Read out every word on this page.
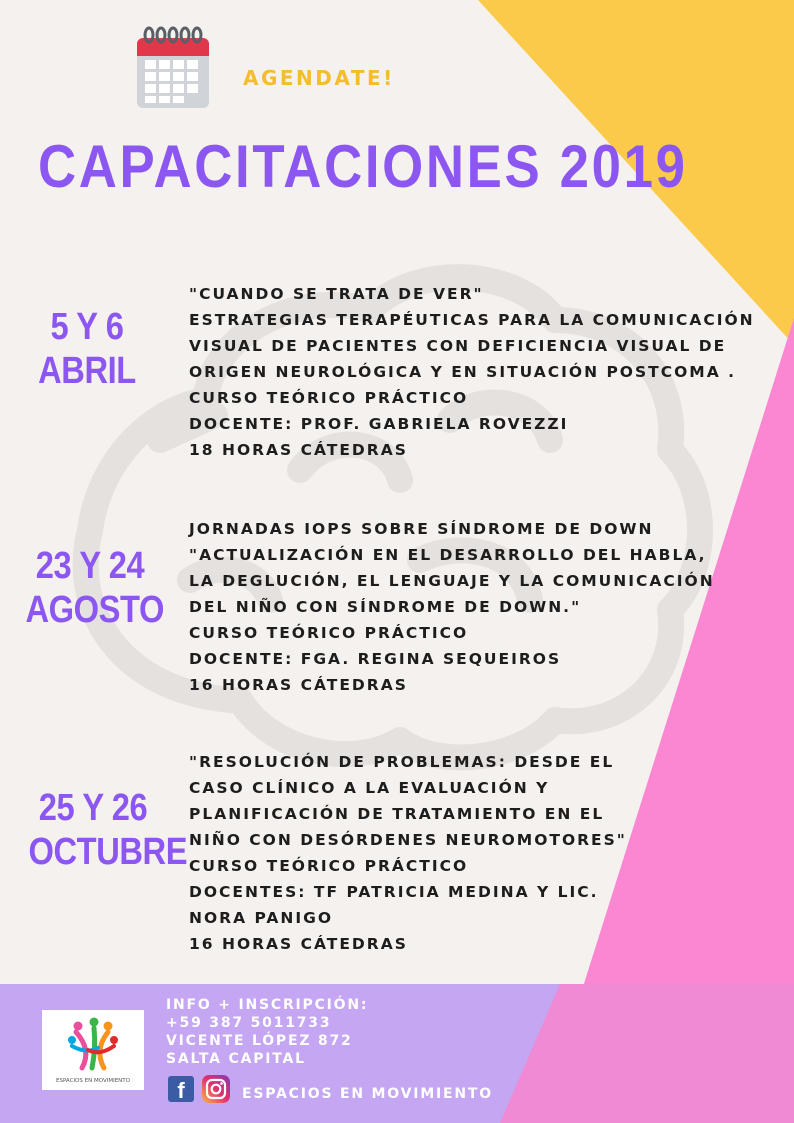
AGENDATE!

CAPACITACIONES 2019
5 Y 6
ABRIL
"CUANDO SE TRATA DE VER"
ESTRATEGIAS TERAPÉUTICAS PARA LA COMUNICACIÓN
VISUAL DE PACIENTES CON DEFICIENCIA VISUAL DE
ORIGEN NEUROLÓGICA Y EN SITUACIÓN POSTCOMA .
CURSO TEÓRICO PRÁCTICO
DOCENTE: PROF. GABRIELA ROVEZZI
18 HORAS CÁTEDRAS
23 Y 24
AGOSTO
JORNADAS IOPS SOBRE SÍNDROME DE DOWN
"ACTUALIZACIÓN EN EL DESARROLLO DEL HABLA,
LA DEGLUCIÓN, EL LENGUAJE Y LA COMUNICACIÓN
DEL NIÑO CON SÍNDROME DE DOWN."
CURSO TEÓRICO PRÁCTICO
DOCENTE: FGA. REGINA SEQUEIROS
16 HORAS CÁTEDRAS
25 Y 26
OCTUBRE
"RESOLUCIÓN DE PROBLEMAS: DESDE EL
CASO CLÍNICO A LA EVALUACIÓN Y
PLANIFICACIÓN DE TRATAMIENTO EN EL
NIÑO CON DESÓRDENES NEUROMOTORES"
CURSO TEÓRICO PRÁCTICO
DOCENTES: TF PATRICIA MEDINA Y LIC.
NORA PANIGO
16 HORAS CÁTEDRAS
ESPACIOS EN MOVIMIENTO
INFO + INSCRIPCIÓN:
+59 387 5011733
VICENTE LÓPEZ 872
SALTA CAPITAL
f	ESPACIOS EN MOVIMIENTO
